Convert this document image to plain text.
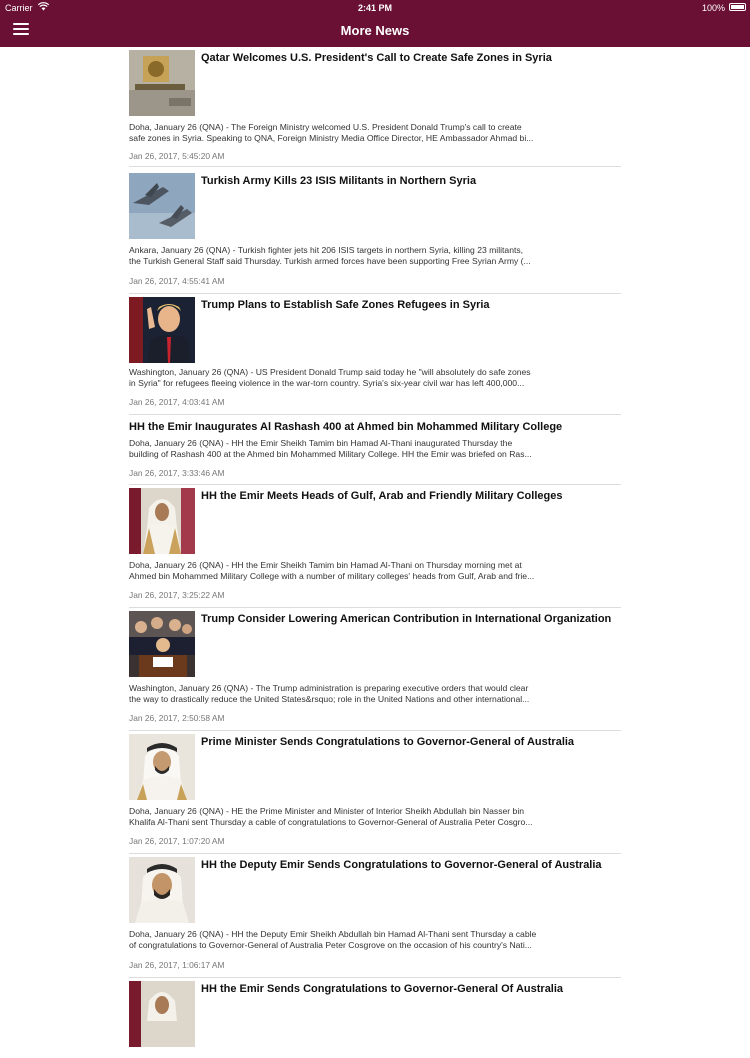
Carrier	2:41 PM	100%
More News
Qatar Welcomes U.S. President's Call to Create Safe Zones in Syria
Doha, January 26 (QNA) - The Foreign Ministry welcomed U.S. President Donald Trump's call to create
safe zones in Syria. Speaking to QNA, Foreign Ministry Media Office Director, HE Ambassador Ahmad bi...
Jan 26, 2017, 5:45:20 AM
Turkish Army Kills 23 ISIS Militants in Northern Syria
Ankara, January 26 (QNA) - Turkish fighter jets hit 206 ISIS targets in northern Syria, killing 23 militants,
the Turkish General Staff said Thursday. Turkish armed forces have been supporting Free Syrian Army (...
Jan 26, 2017, 4:55:41 AM
Trump Plans to Establish Safe Zones Refugees in Syria
Washington, January 26 (QNA) - US President Donald Trump said today he "will absolutely do safe zones
in Syria" for refugees fleeing violence in the war-torn country. Syria's six-year civil war has left 400,000...
Jan 26, 2017, 4:03:41 AM
HH the Emir Inaugurates Al Rashash 400 at Ahmed bin Mohammed Military College
Doha, January 26 (QNA) - HH the Emir Sheikh Tamim bin Hamad Al-Thani inaugurated Thursday the
building of Rashash 400 at the Ahmed bin Mohammed Military College. HH the Emir was briefed on Ras...
Jan 26, 2017, 3:33:46 AM
HH the Emir Meets Heads of Gulf, Arab and Friendly Military Colleges
Doha, January 26 (QNA) - HH the Emir Sheikh Tamim bin Hamad Al-Thani on Thursday morning met at
Ahmed bin Mohammed Military College with a number of military colleges' heads from Gulf, Arab and frie...
Jan 26, 2017, 3:25:22 AM
Trump Consider Lowering American Contribution in International Organization
Washington, January 26 (QNA) - The Trump administration is preparing executive orders that would clear
the way to drastically reduce the United States&rsquo; role in the United Nations and other international...
Jan 26, 2017, 2:50:58 AM
Prime Minister Sends Congratulations to Governor-General of Australia
Doha, January 26 (QNA) - HE the Prime Minister and Minister of Interior Sheikh Abdullah bin Nasser bin
Khalifa Al-Thani sent Thursday a cable of congratulations to Governor-General of Australia Peter Cosgro...
Jan 26, 2017, 1:07:20 AM
HH the Deputy Emir Sends Congratulations to Governor-General of Australia
Doha, January 26 (QNA) - HH the Deputy Emir Sheikh Abdullah bin Hamad Al-Thani sent Thursday a cable
of congratulations to Governor-General of Australia Peter Cosgrove on the occasion of his country's Nati...
Jan 26, 2017, 1:06:17 AM
HH the Emir Sends Congratulations to Governor-General Of Australia
